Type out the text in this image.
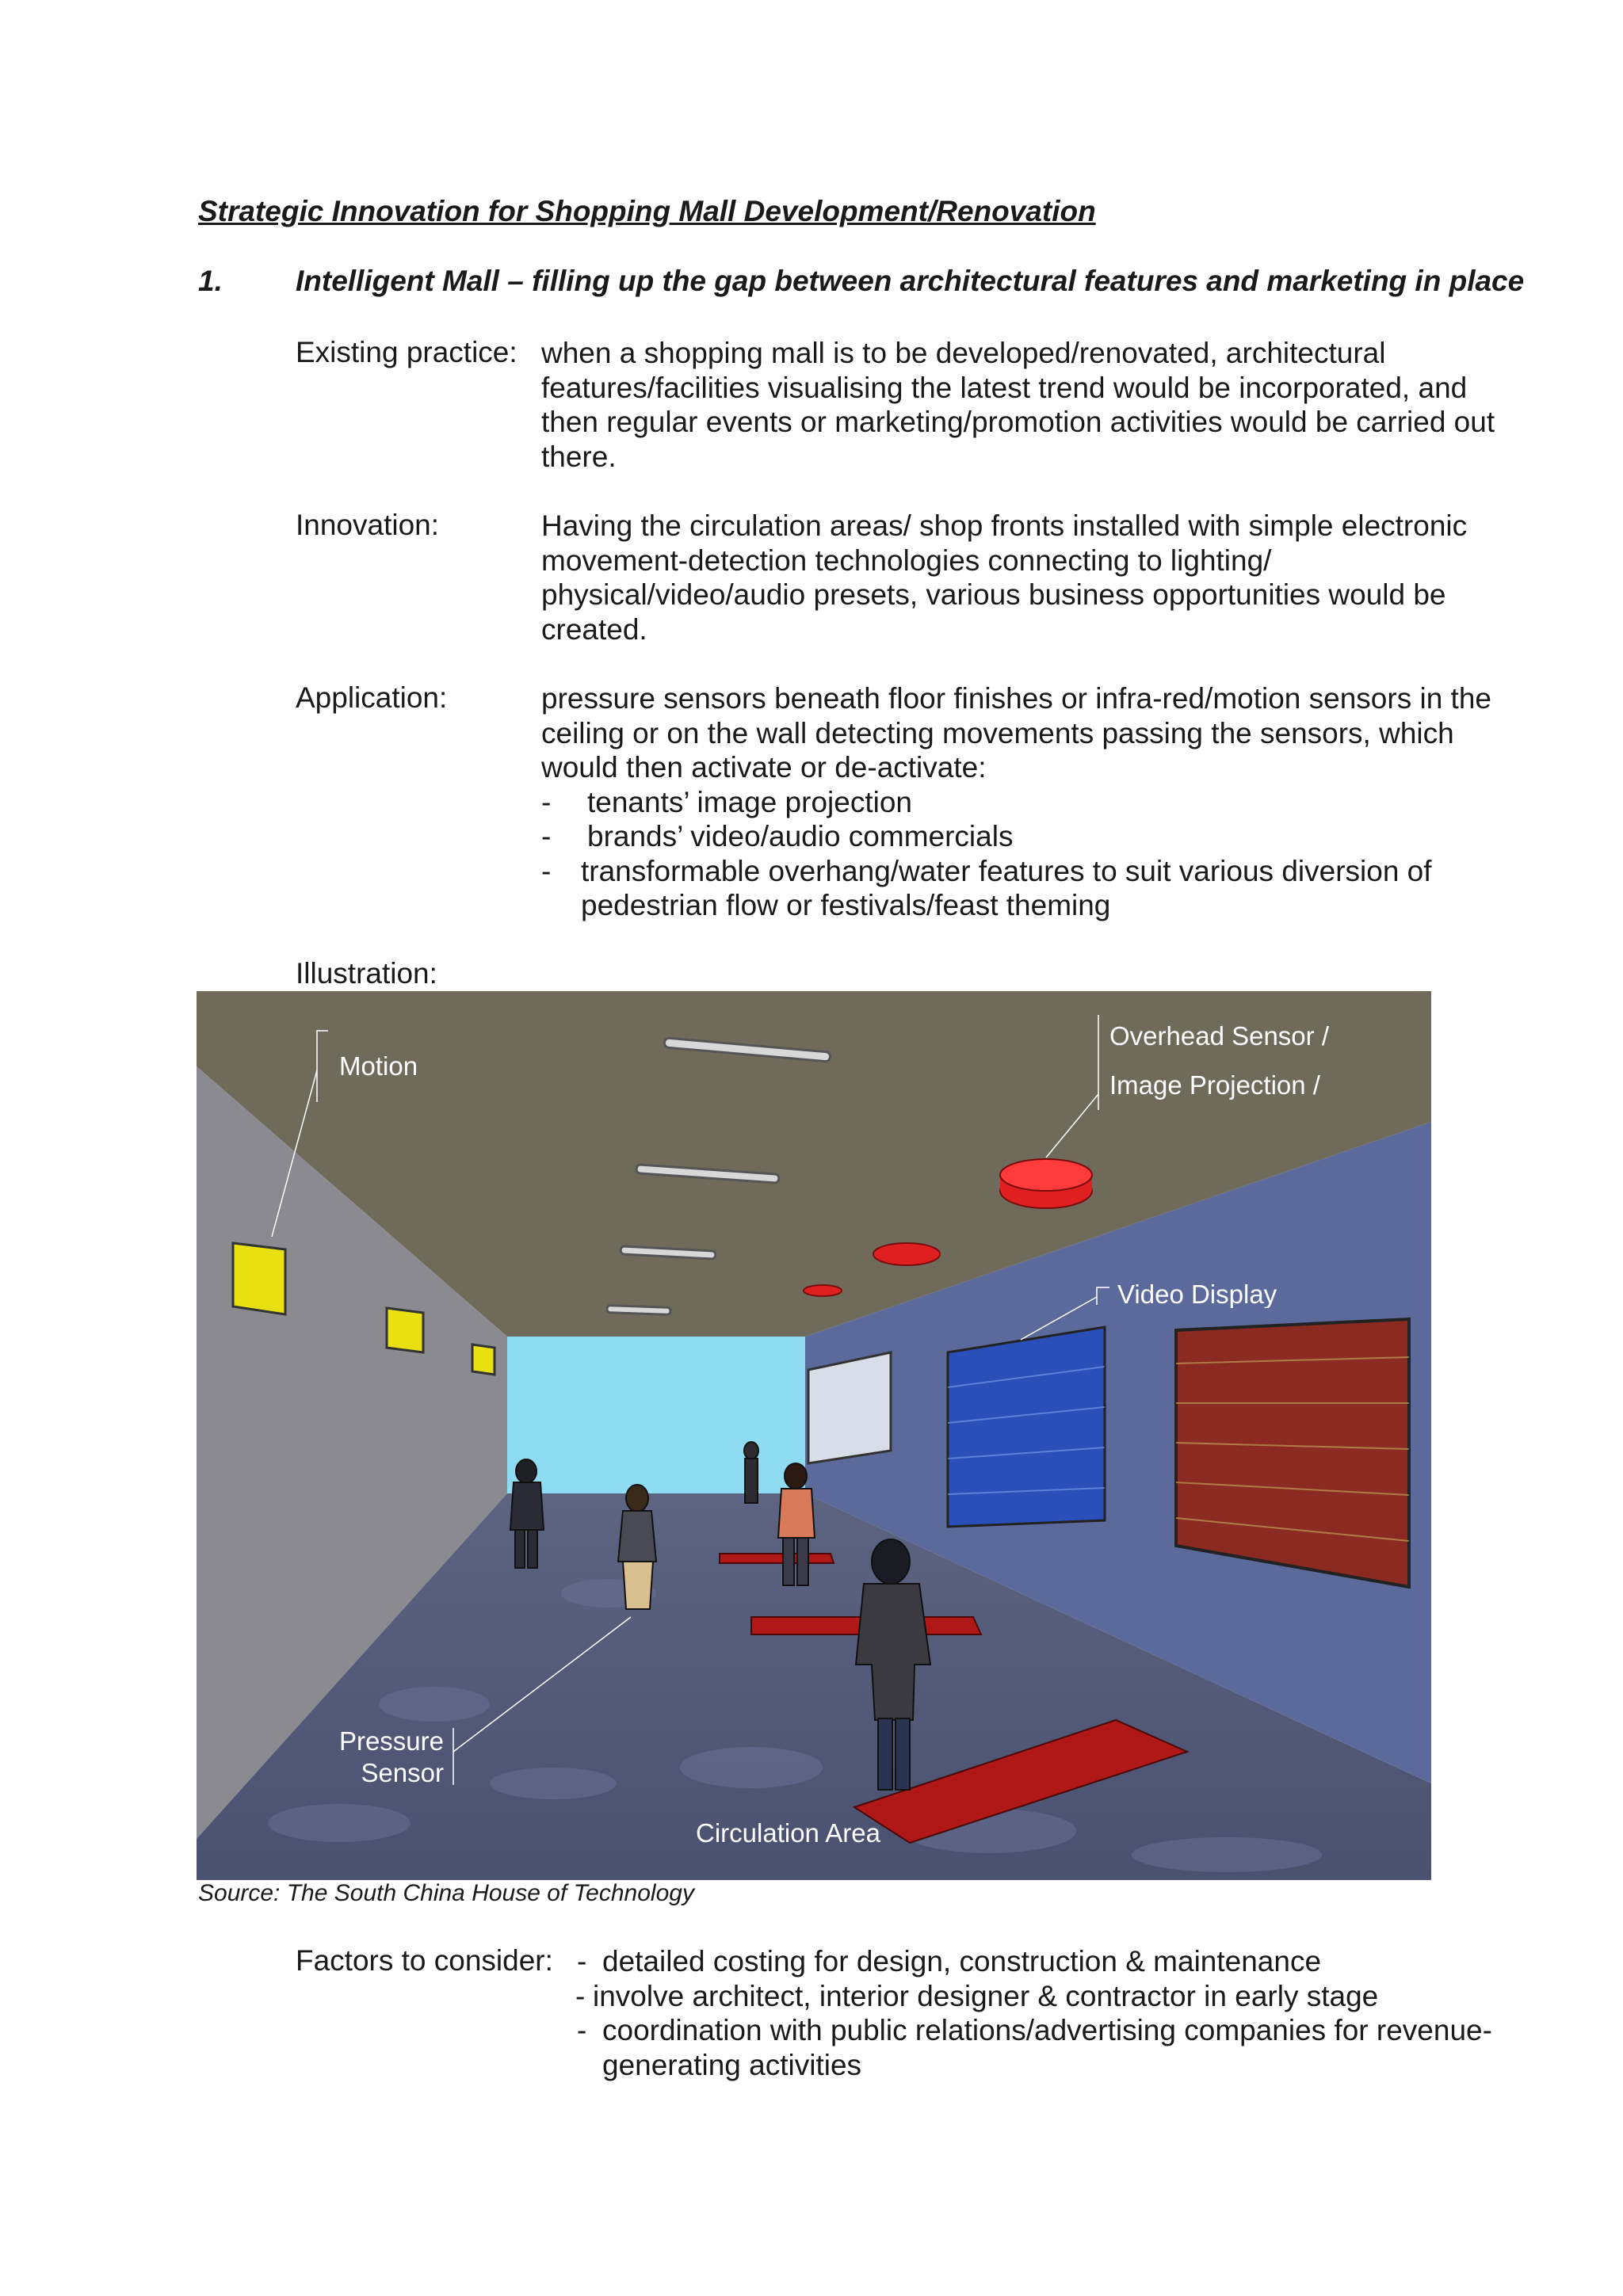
Strategic Innovation for Shopping Mall Development/Renovation
1. Intelligent Mall – filling up the gap between architectural features and marketing in place
Existing practice: when a shopping mall is to be developed/renovated, architectural features/facilities visualising the latest trend would be incorporated, and then regular events or marketing/promotion activities would be carried out there.

Innovation:	Having the circulation areas/ shop fronts installed with simple electronic movement-detection technologies connecting to lighting/ physical/video/audio presets, various business opportunities would be created.

Application:	pressure sensors beneath floor finishes or infra-red/motion sensors in the ceiling or on the wall detecting movements passing the sensors, which would then activate or de-activate:

-	tenants’ image projection
-	brands’ video/audio commercials
-	transformable overhang/water features to suit various diversion of pedestrian flow or festivals/feast theming
Illustration:
Motion
Overhead Sensor /
Image Projection /
Video Display
Pressure
Sensor
Circulation Area
Source: The South China House of Technology
Factors to consider: - detailed costing for design, construction & maintenance
- involve architect, interior designer & contractor in early stage
- coordination with public relations/advertising companies for revenue-generating activities
